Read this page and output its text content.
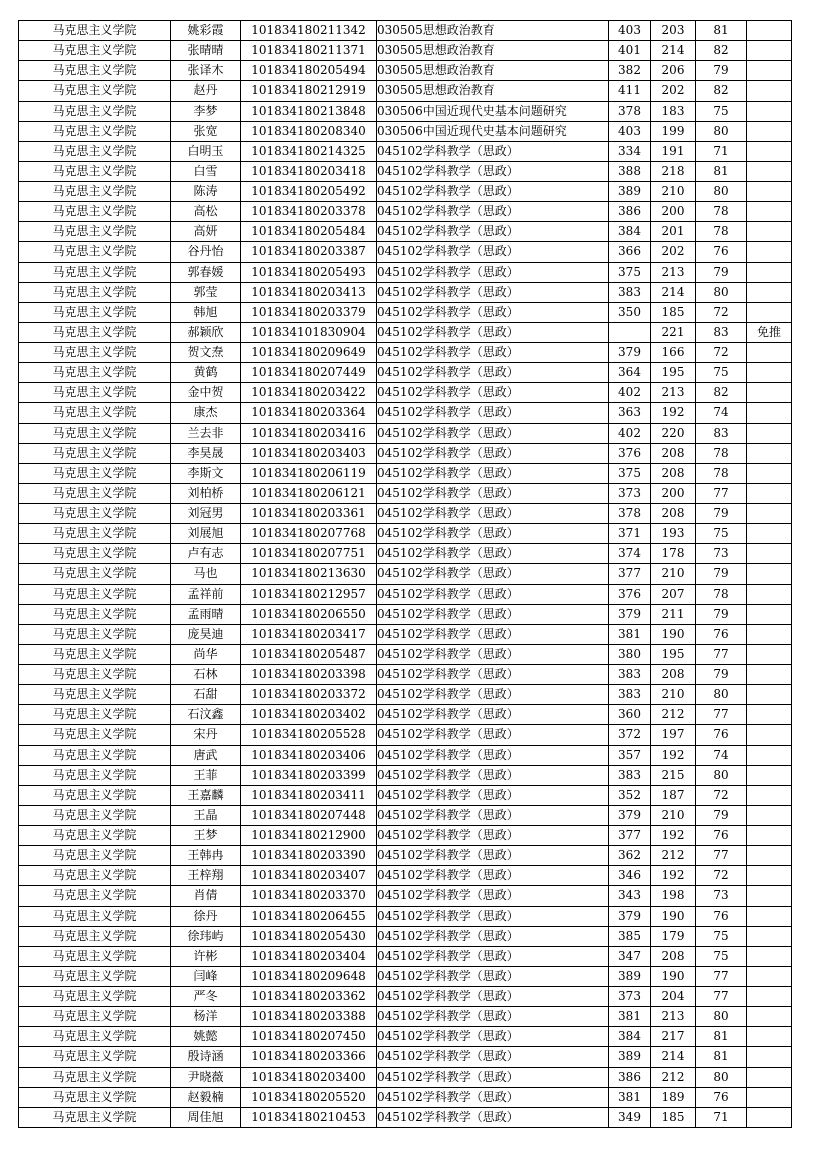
马克思主义学院	姚彩霞	101834180211342	030505思想政治教育	403	203	81	
马克思主义学院	张晴晴	101834180211371	030505思想政治教育	401	214	82	
马克思主义学院	张译木	101834180205494	030505思想政治教育	382	206	79	
马克思主义学院	赵丹	101834180212919	030505思想政治教育	411	202	82	
马克思主义学院	李梦	101834180213848	030506中国近现代史基本问题研究	378	183	75	
马克思主义学院	张宽	101834180208340	030506中国近现代史基本问题研究	403	199	80	
马克思主义学院	白明玉	101834180214325	045102学科教学（思政）	334	191	71	
马克思主义学院	白雪	101834180203418	045102学科教学（思政）	388	218	81	
马克思主义学院	陈涛	101834180205492	045102学科教学（思政）	389	210	80	
马克思主义学院	高松	101834180203378	045102学科教学（思政）	386	200	78	
马克思主义学院	高妍	101834180205484	045102学科教学（思政）	384	201	78	
马克思主义学院	谷丹怡	101834180203387	045102学科教学（思政）	366	202	76	
马克思主义学院	郭春媛	101834180205493	045102学科教学（思政）	375	213	79	
马克思主义学院	郭莹	101834180203413	045102学科教学（思政）	383	214	80	
马克思主义学院	韩旭	101834180203379	045102学科教学（思政）	350	185	72	
马克思主义学院	郝颖欣	101834101830904	045102学科教学（思政）		221	83	免推
马克思主义学院	贺文焘	101834180209649	045102学科教学（思政）	379	166	72	
马克思主义学院	黄鹤	101834180207449	045102学科教学（思政）	364	195	75	
马克思主义学院	金中贺	101834180203422	045102学科教学（思政）	402	213	82	
马克思主义学院	康杰	101834180203364	045102学科教学（思政）	363	192	74	
马克思主义学院	兰去非	101834180203416	045102学科教学（思政）	402	220	83	
马克思主义学院	李昊晟	101834180203403	045102学科教学（思政）	376	208	78	
马克思主义学院	李斯文	101834180206119	045102学科教学（思政）	375	208	78	
马克思主义学院	刘柏桥	101834180206121	045102学科教学（思政）	373	200	77	
马克思主义学院	刘冠男	101834180203361	045102学科教学（思政）	378	208	79	
马克思主义学院	刘展旭	101834180207768	045102学科教学（思政）	371	193	75	
马克思主义学院	卢有志	101834180207751	045102学科教学（思政）	374	178	73	
马克思主义学院	马也	101834180213630	045102学科教学（思政）	377	210	79	
马克思主义学院	孟祥前	101834180212957	045102学科教学（思政）	376	207	78	
马克思主义学院	孟雨晴	101834180206550	045102学科教学（思政）	379	211	79	
马克思主义学院	庞昊迪	101834180203417	045102学科教学（思政）	381	190	76	
马克思主义学院	尚华	101834180205487	045102学科教学（思政）	380	195	77	
马克思主义学院	石林	101834180203398	045102学科教学（思政）	383	208	79	
马克思主义学院	石甜	101834180203372	045102学科教学（思政）	383	210	80	
马克思主义学院	石汶鑫	101834180203402	045102学科教学（思政）	360	212	77	
马克思主义学院	宋丹	101834180205528	045102学科教学（思政）	372	197	76	
马克思主义学院	唐武	101834180203406	045102学科教学（思政）	357	192	74	
马克思主义学院	王菲	101834180203399	045102学科教学（思政）	383	215	80	
马克思主义学院	王嘉麟	101834180203411	045102学科教学（思政）	352	187	72	
马克思主义学院	王晶	101834180207448	045102学科教学（思政）	379	210	79	
马克思主义学院	王梦	101834180212900	045102学科教学（思政）	377	192	76	
马克思主义学院	王韩冉	101834180203390	045102学科教学（思政）	362	212	77	
马克思主义学院	王梓翔	101834180203407	045102学科教学（思政）	346	192	72	
马克思主义学院	肖倩	101834180203370	045102学科教学（思政）	343	198	73	
马克思主义学院	徐丹	101834180206455	045102学科教学（思政）	379	190	76	
马克思主义学院	徐玮屿	101834180205430	045102学科教学（思政）	385	179	75	
马克思主义学院	许彬	101834180203404	045102学科教学（思政）	347	208	75	
马克思主义学院	闫峰	101834180209648	045102学科教学（思政）	389	190	77	
马克思主义学院	严冬	101834180203362	045102学科教学（思政）	373	204	77	
马克思主义学院	杨洋	101834180203388	045102学科教学（思政）	381	213	80	
马克思主义学院	姚懿	101834180207450	045102学科教学（思政）	384	217	81	
马克思主义学院	殷诗涵	101834180203366	045102学科教学（思政）	389	214	81	
马克思主义学院	尹晓薇	101834180203400	045102学科教学（思政）	386	212	80	
马克思主义学院	赵毅楠	101834180205520	045102学科教学（思政）	381	189	76	
马克思主义学院	周佳旭	101834180210453	045102学科教学（思政）	349	185	71	
